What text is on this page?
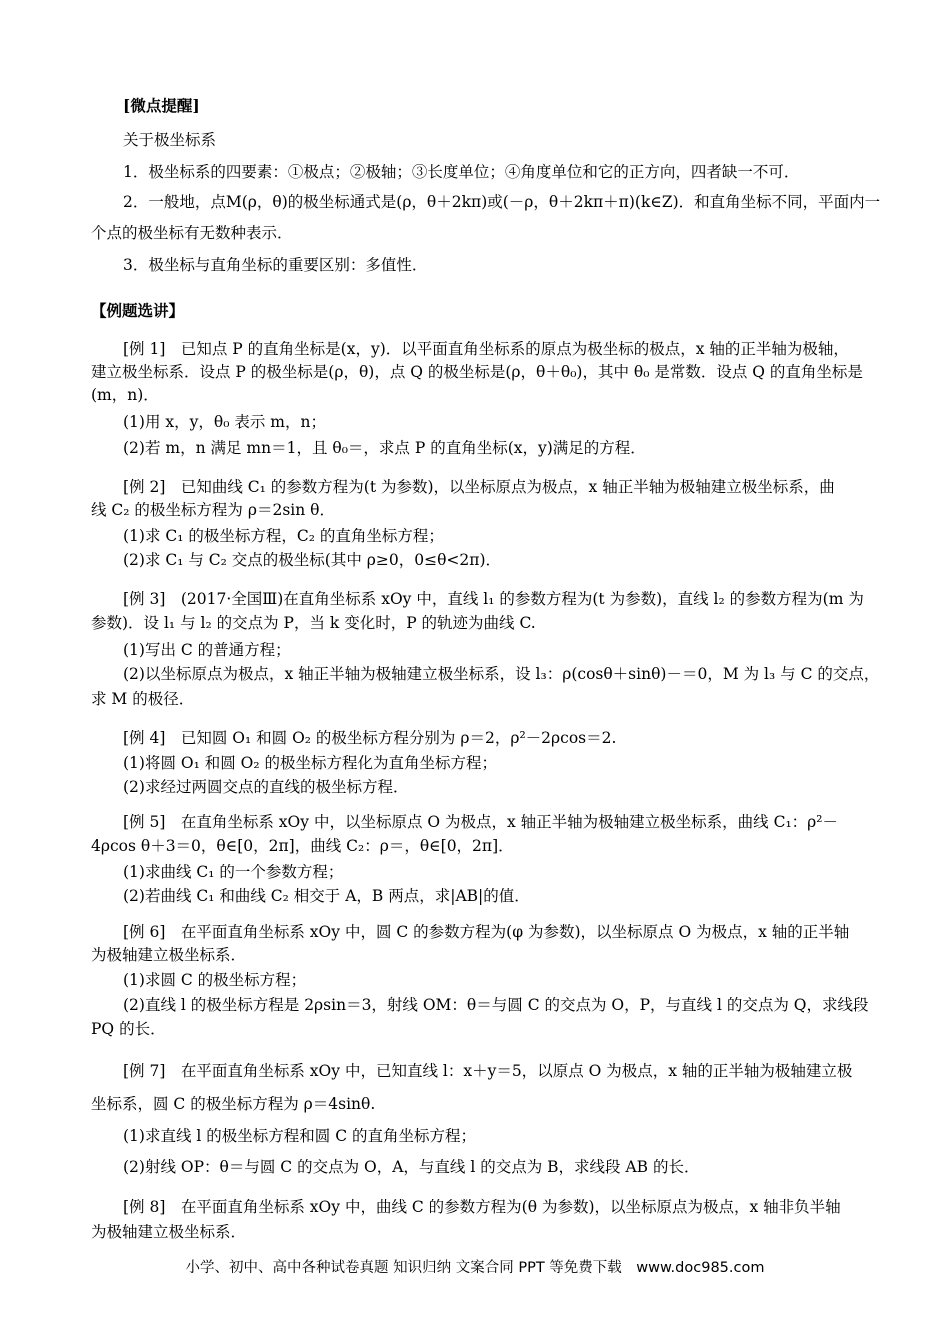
[微点提醒]
关于极坐标系
1．极坐标系的四要素：①极点；②极轴；③长度单位；④角度单位和它的正方向，四者缺一不可．
2．一般地，点M(ρ，θ)的极坐标通式是(ρ，θ＋2kπ)或(－ρ，θ＋2kπ＋π)(k∈Z)．和直角坐标不同，平面内一
个点的极坐标有无数种表示．
3．极坐标与直角坐标的重要区别：多值性．
【例题选讲】
[例 1]　已知点 P 的直角坐标是(x，y)．以平面直角坐标系的原点为极坐标的极点，x 轴的正半轴为极轴，
建立极坐标系．设点 P 的极坐标是(ρ，θ)，点 Q 的极坐标是(ρ，θ＋θ₀)，其中 θ₀ 是常数．设点 Q 的直角坐标是
(m，n)．
(1)用 x，y，θ₀ 表示 m，n；
(2)若 m，n 满足 mn＝1，且 θ₀＝，求点 P 的直角坐标(x，y)满足的方程．
[例 2]　已知曲线 C₁ 的参数方程为(t 为参数)，以坐标原点为极点，x 轴正半轴为极轴建立极坐标系，曲
线 C₂ 的极坐标方程为 ρ＝2sin θ．
(1)求 C₁ 的极坐标方程，C₂ 的直角坐标方程；
(2)求 C₁ 与 C₂ 交点的极坐标(其中 ρ≥0，0≤θ<2π)．
[例 3]　(2017·全国Ⅲ)在直角坐标系 xOy 中，直线 l₁ 的参数方程为(t 为参数)，直线 l₂ 的参数方程为(m 为
参数)．设 l₁ 与 l₂ 的交点为 P，当 k 变化时，P 的轨迹为曲线 C.
(1)写出 C 的普通方程；
(2)以坐标原点为极点，x 轴正半轴为极轴建立极坐标系，设 l₃：ρ(cosθ＋sinθ)－＝0，M 为 l₃ 与 C 的交点，
求 M 的极径．
[例 4]　已知圆 O₁ 和圆 O₂ 的极坐标方程分别为 ρ＝2，ρ²－2ρcos＝2.
(1)将圆 O₁ 和圆 O₂ 的极坐标方程化为直角坐标方程；
(2)求经过两圆交点的直线的极坐标方程．
[例 5]　在直角坐标系 xOy 中，以坐标原点 O 为极点，x 轴正半轴为极轴建立极坐标系，曲线 C₁：ρ²－
4ρcos θ＋3＝0，θ∈[0，2π]，曲线 C₂：ρ＝，θ∈[0，2π]．
(1)求曲线 C₁ 的一个参数方程；
(2)若曲线 C₁ 和曲线 C₂ 相交于 A，B 两点，求|AB|的值．
[例 6]　在平面直角坐标系 xOy 中，圆 C 的参数方程为(φ 为参数)，以坐标原点 O 为极点，x 轴的正半轴
为极轴建立极坐标系．
(1)求圆 C 的极坐标方程；
(2)直线 l 的极坐标方程是 2ρsin＝3，射线 OM：θ＝与圆 C 的交点为 O，P，与直线 l 的交点为 Q，求线段
PQ 的长．
[例 7]　在平面直角坐标系 xOy 中，已知直线 l：x＋y＝5，以原点 O 为极点，x 轴的正半轴为极轴建立极
坐标系，圆 C 的极坐标方程为 ρ＝4sinθ.
(1)求直线 l 的极坐标方程和圆 C 的直角坐标方程；
(2)射线 OP：θ＝与圆 C 的交点为 O，A，与直线 l 的交点为 B，求线段 AB 的长．
[例 8]　在平面直角坐标系 xOy 中，曲线 C 的参数方程为(θ 为参数)，以坐标原点为极点，x 轴非负半轴
为极轴建立极坐标系．
小学、初中、高中各种试卷真题 知识归纳 文案合同 PPT 等免费下载　www.doc985.com
